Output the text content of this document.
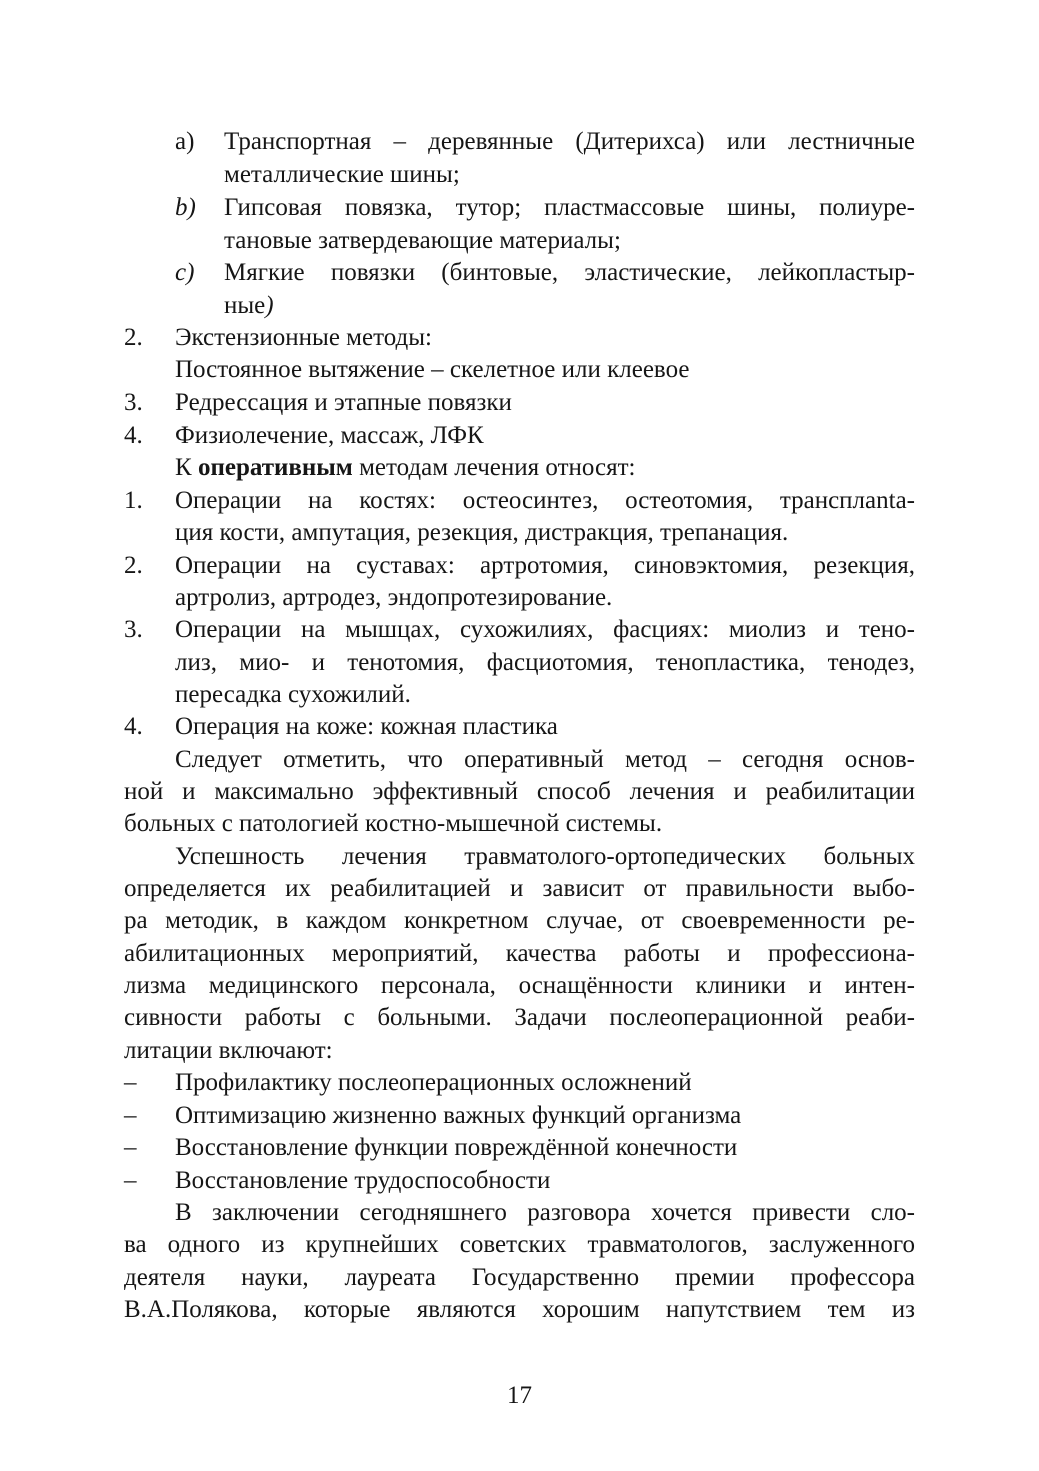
a) Транспортная – деревянные (Дитерихса) или лестничные
металлические шины;
b) Гипсовая повязка, тутор; пластмассовые шины, полиуре-
тановые затвердевающие материалы;
c) Мягкие повязки (бинтовые, эластические, лейкопластыр-
ные)
2. Экстензионные методы:
Постоянное вытяжение – скелетное или клеевое
3. Редрессация и этапные повязки
4. Физиолечение, массаж, ЛФК
К оперативным методам лечения относят:
1. Операции на костях: остеосинтез, остеотомия, трансплanta-
ция кости, ампутация, резекция, дистракция, трепанация.
2. Операции на суставах: артротомия, синовэктомия, резекция,
артролиз, артродез, эндопротезирование.
3. Операции на мышцах, сухожилиях, фасциях: миолиз и тено-
лиз, мио- и тенотомия, фасциотомия, тенопластика, тенодез,
пересадка сухожилий.
4. Операция на коже: кожная пластика
Следует отметить, что оперативный метод – сегодня основ-
ной и максимально эффективный способ лечения и реабилитации
больных с патологией костно-мышечной системы.
Успешность лечения травматолого-ортопедических больных
определяется их реабилитацией и зависит от правильности выбо-
ра методик, в каждом конкретном случае, от своевременности ре-
абилитационных мероприятий, качества работы и профессиона-
лизма медицинского персонала, оснащённости клиники и интен-
сивности работы с больными. Задачи послеоперационной реаби-
литации включают:
– Профилактику послеоперационных осложнений
– Оптимизацию жизненно важных функций организма
– Восстановление функции повреждённой конечности
– Восстановление трудоспособности
В заключении сегодняшнего разговора хочется привести сло-
ва одного из крупнейших советских травматологов, заслуженного
деятеля науки, лауреата Государственно премии профессора
В.А.Полякова, которые являются хорошим напутствием тем из
17
